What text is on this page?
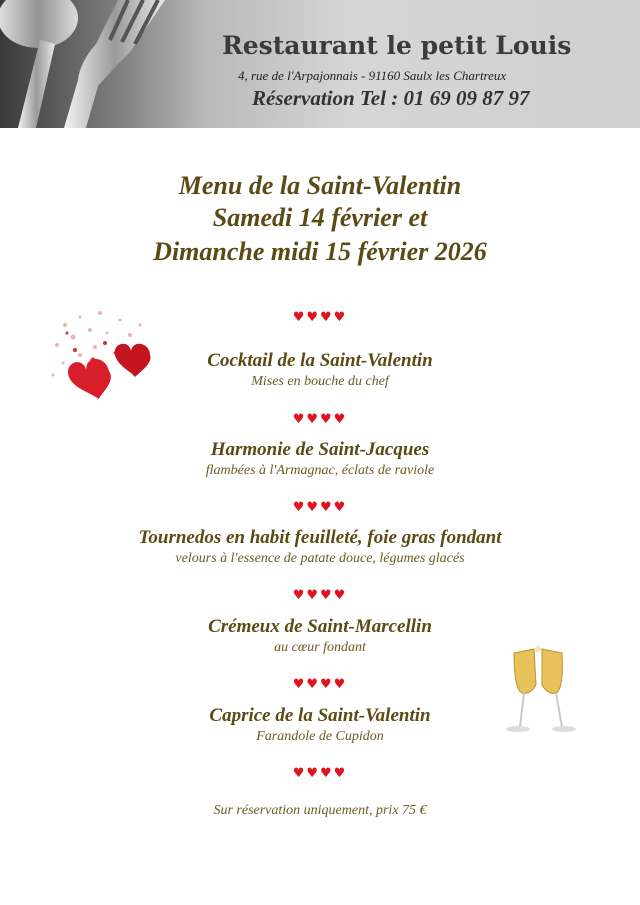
Restaurant le petit Louis
4, rue de l'Arpajonnais - 91160 Saulx les Chartreux
Réservation Tel : 01 69 09 87 97
Menu de la Saint-Valentin
Samedi 14 février et
Dimanche midi 15 février 2026
♥♥♥♥
♥♥♥♥
♥♥♥♥
♥♥♥♥
♥♥♥♥
♥♥♥♥
Cocktail de la Saint-Valentin
Mises en bouche du chef
Harmonie de Saint-Jacques
flambées à l'Armagnac, éclats de raviole
Tournedos en habit feuilleté, foie gras fondant
velours à l'essence de patate douce, légumes glacés
Crémeux de Saint-Marcellin
au cœur fondant
Caprice de la Saint-Valentin
Farandole de Cupidon
Sur réservation uniquement, prix 75 €
